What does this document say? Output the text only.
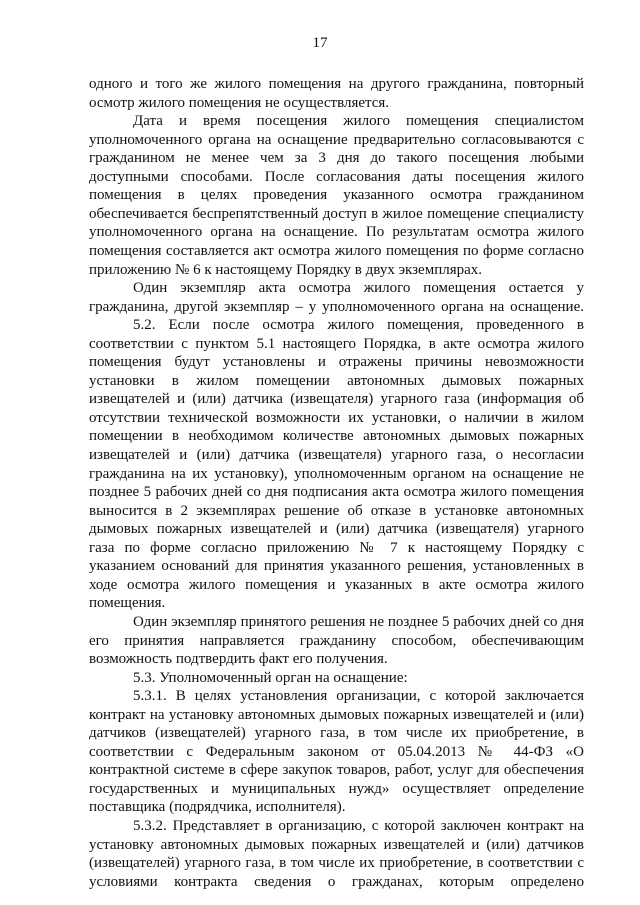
17
одного и того же жилого помещения на другого гражданина, повторный
осмотр жилого помещения не осуществляется.
Дата и время посещения жилого помещения специалистом
уполномоченного органа на оснащение предварительно согласовываются с
гражданином не менее чем за 3 дня до такого посещения любыми
доступными способами. После согласования даты посещения жилого
помещения в целях проведения указанного осмотра гражданином
обеспечивается беспрепятственный доступ в жилое помещение специалисту
уполномоченного органа на оснащение. По результатам осмотра жилого
помещения составляется акт осмотра жилого помещения по форме согласно
приложению № 6 к настоящему Порядку в двух экземплярах.
Один экземпляр акта осмотра жилого помещения остается у
гражданина, другой экземпляр – у уполномоченного органа на оснащение.
5.2. Если после осмотра жилого помещения, проведенного в
соответствии с пунктом 5.1 настоящего Порядка, в акте осмотра жилого
помещения будут установлены и отражены причины невозможности
установки в жилом помещении автономных дымовых пожарных
извещателей и (или) датчика (извещателя) угарного газа (информация об
отсутствии технической возможности их установки, о наличии в жилом
помещении в необходимом количестве автономных дымовых пожарных
извещателей и (или) датчика (извещателя) угарного газа, о несогласии
гражданина на их установку), уполномоченным органом на оснащение не
позднее 5 рабочих дней со дня подписания акта осмотра жилого помещения
выносится в 2 экземплярах решение об отказе в установке автономных
дымовых пожарных извещателей и (или) датчика (извещателя) угарного
газа по форме согласно приложению № 7 к настоящему Порядку с
указанием оснований для принятия указанного решения, установленных в
ходе осмотра жилого помещения и указанных в акте осмотра жилого
помещения.
Один экземпляр принятого решения не позднее 5 рабочих дней со дня
его принятия направляется гражданину способом, обеспечивающим
возможность подтвердить факт его получения.
5.3. Уполномоченный орган на оснащение:
5.3.1. В целях установления организации, с которой заключается
контракт на установку автономных дымовых пожарных извещателей и (или)
датчиков (извещателей) угарного газа, в том числе их приобретение, в
соответствии с Федеральным законом от 05.04.2013 № 44-ФЗ «О
контрактной системе в сфере закупок товаров, работ, услуг для обеспечения
государственных и муниципальных нужд» осуществляет определение
поставщика (подрядчика, исполнителя).
5.3.2. Представляет в организацию, с которой заключен контракт на
установку автономных дымовых пожарных извещателей и (или) датчиков
(извещателей) угарного газа, в том числе их приобретение, в соответствии с
условиями контракта сведения о гражданах, которым определено
